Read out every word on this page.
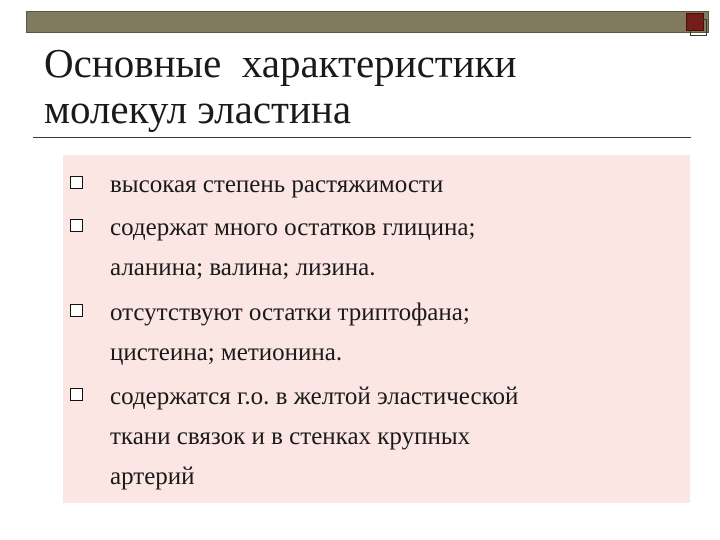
Основные  характеристики
молекул эластина
высокая степень растяжимости
содержат много остатков глицина;
аланина; валина; лизина.
отсутствуют остатки триптофана;
цистеина; метионина.
содержатся г.о. в желтой эластической
ткани связок и в стенках крупных
артерий
